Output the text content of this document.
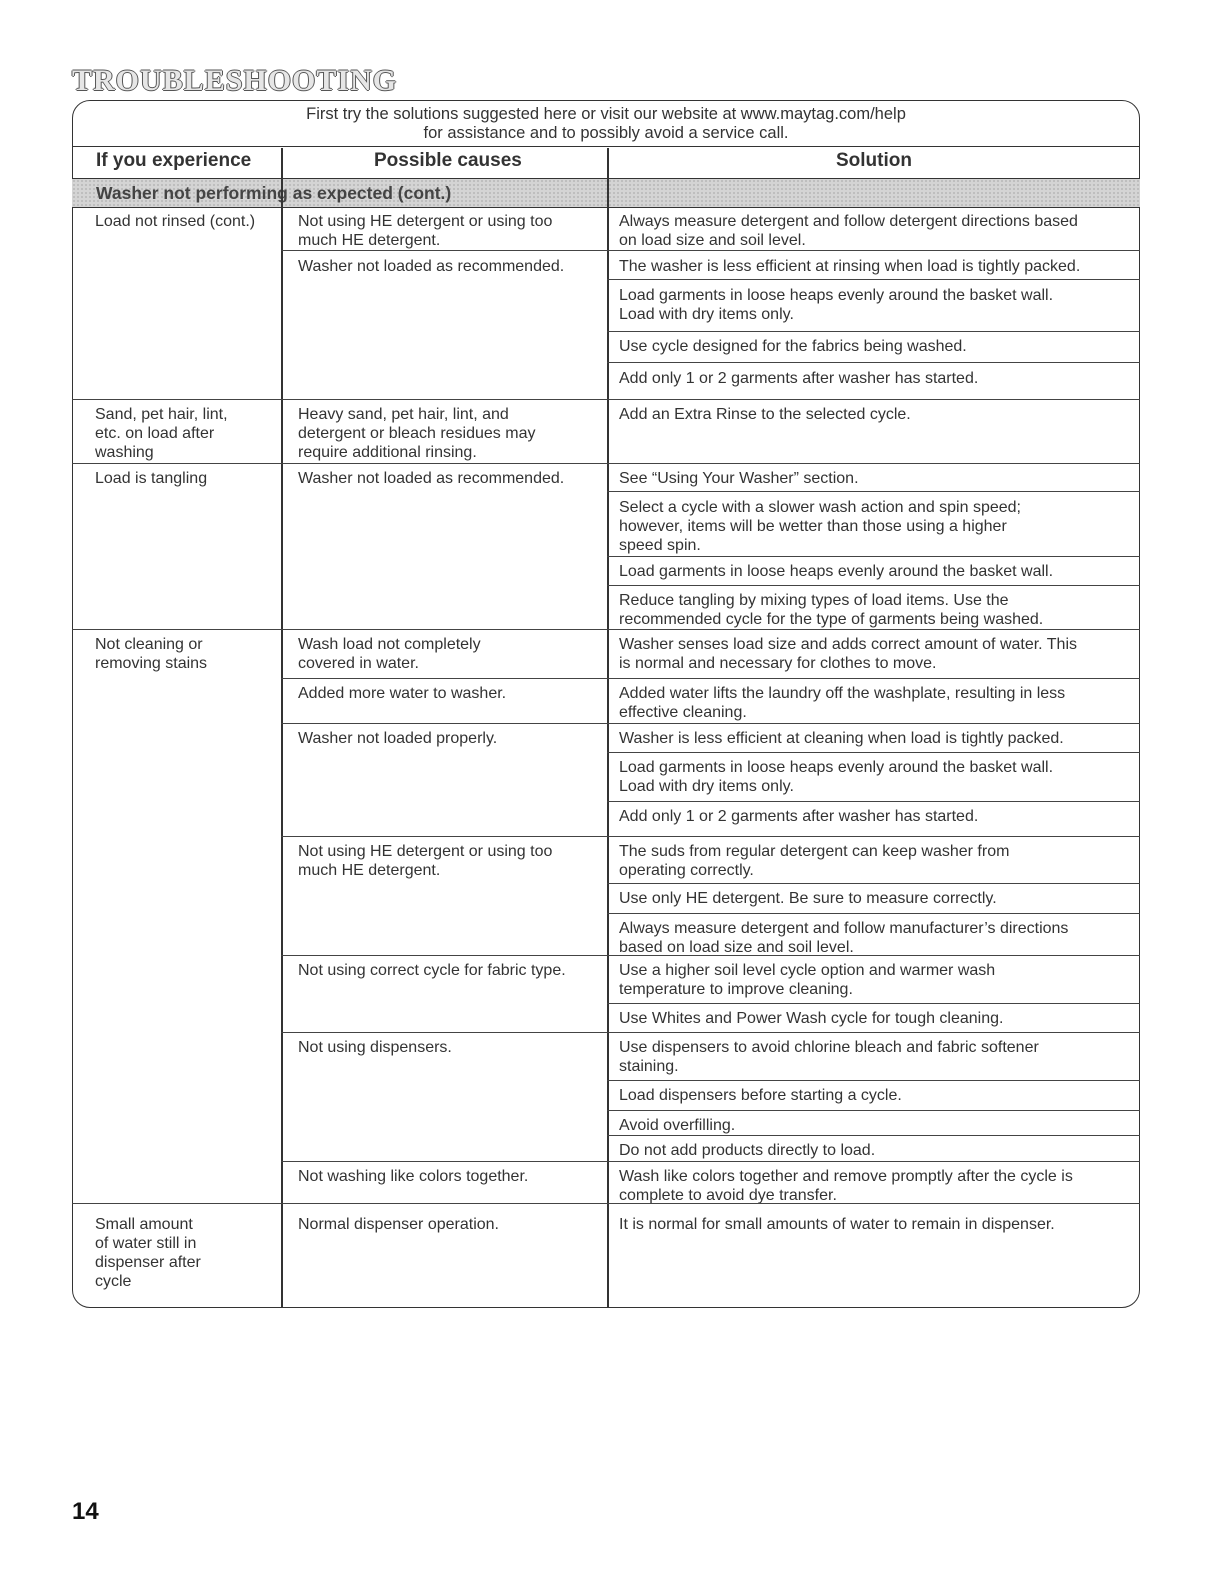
TROUBLESHOOTING
First try the solutions suggested here or visit our website at www.maytag.com/help
for assistance and to possibly avoid a service call.
If you experience	Possible causes	Solution
Washer not performing as expected (cont.)
Load not rinsed (cont.)
Sand, pet hair, lint,
etc. on load after
washing
Load is tangling
Not cleaning or
removing stains
Small amount
of water still in
dispenser after
cycle
Not using HE detergent or using too
much HE detergent.
Washer not loaded as recommended.
Heavy sand, pet hair, lint, and
detergent or bleach residues may
require additional rinsing.
Washer not loaded as recommended.
Wash load not completely
covered in water.
Added more water to washer.
Washer not loaded properly.
Not using HE detergent or using too
much HE detergent.
Not using correct cycle for fabric type.
Not using dispensers.
Not washing like colors together.
Normal dispenser operation.
Always measure detergent and follow detergent directions based
on load size and soil level.
The washer is less efficient at rinsing when load is tightly packed.
Load garments in loose heaps evenly around the basket wall.
Load with dry items only.
Use cycle designed for the fabrics being washed.
Add only 1 or 2 garments after washer has started.
Add an Extra Rinse to the selected cycle.
See “Using Your Washer” section.
Select a cycle with a slower wash action and spin speed;
however, items will be wetter than those using a higher
speed spin.
Load garments in loose heaps evenly around the basket wall.
Reduce tangling by mixing types of load items. Use the
recommended cycle for the type of garments being washed.
Washer senses load size and adds correct amount of water. This
is normal and necessary for clothes to move.
Added water lifts the laundry off the washplate, resulting in less
effective cleaning.
Washer is less efficient at cleaning when load is tightly packed.
Load garments in loose heaps evenly around the basket wall.
Load with dry items only.
Add only 1 or 2 garments after washer has started.
The suds from regular detergent can keep washer from
operating correctly.
Use only HE detergent. Be sure to measure correctly.
Always measure detergent and follow manufacturer’s directions
based on load size and soil level.
Use a higher soil level cycle option and warmer wash
temperature to improve cleaning.
Use Whites and Power Wash cycle for tough cleaning.
Use dispensers to avoid chlorine bleach and fabric softener
staining.
Load dispensers before starting a cycle.
Avoid overfilling.
Do not add products directly to load.
Wash like colors together and remove promptly after the cycle is
complete to avoid dye transfer.
It is normal for small amounts of water to remain in dispenser.
14
